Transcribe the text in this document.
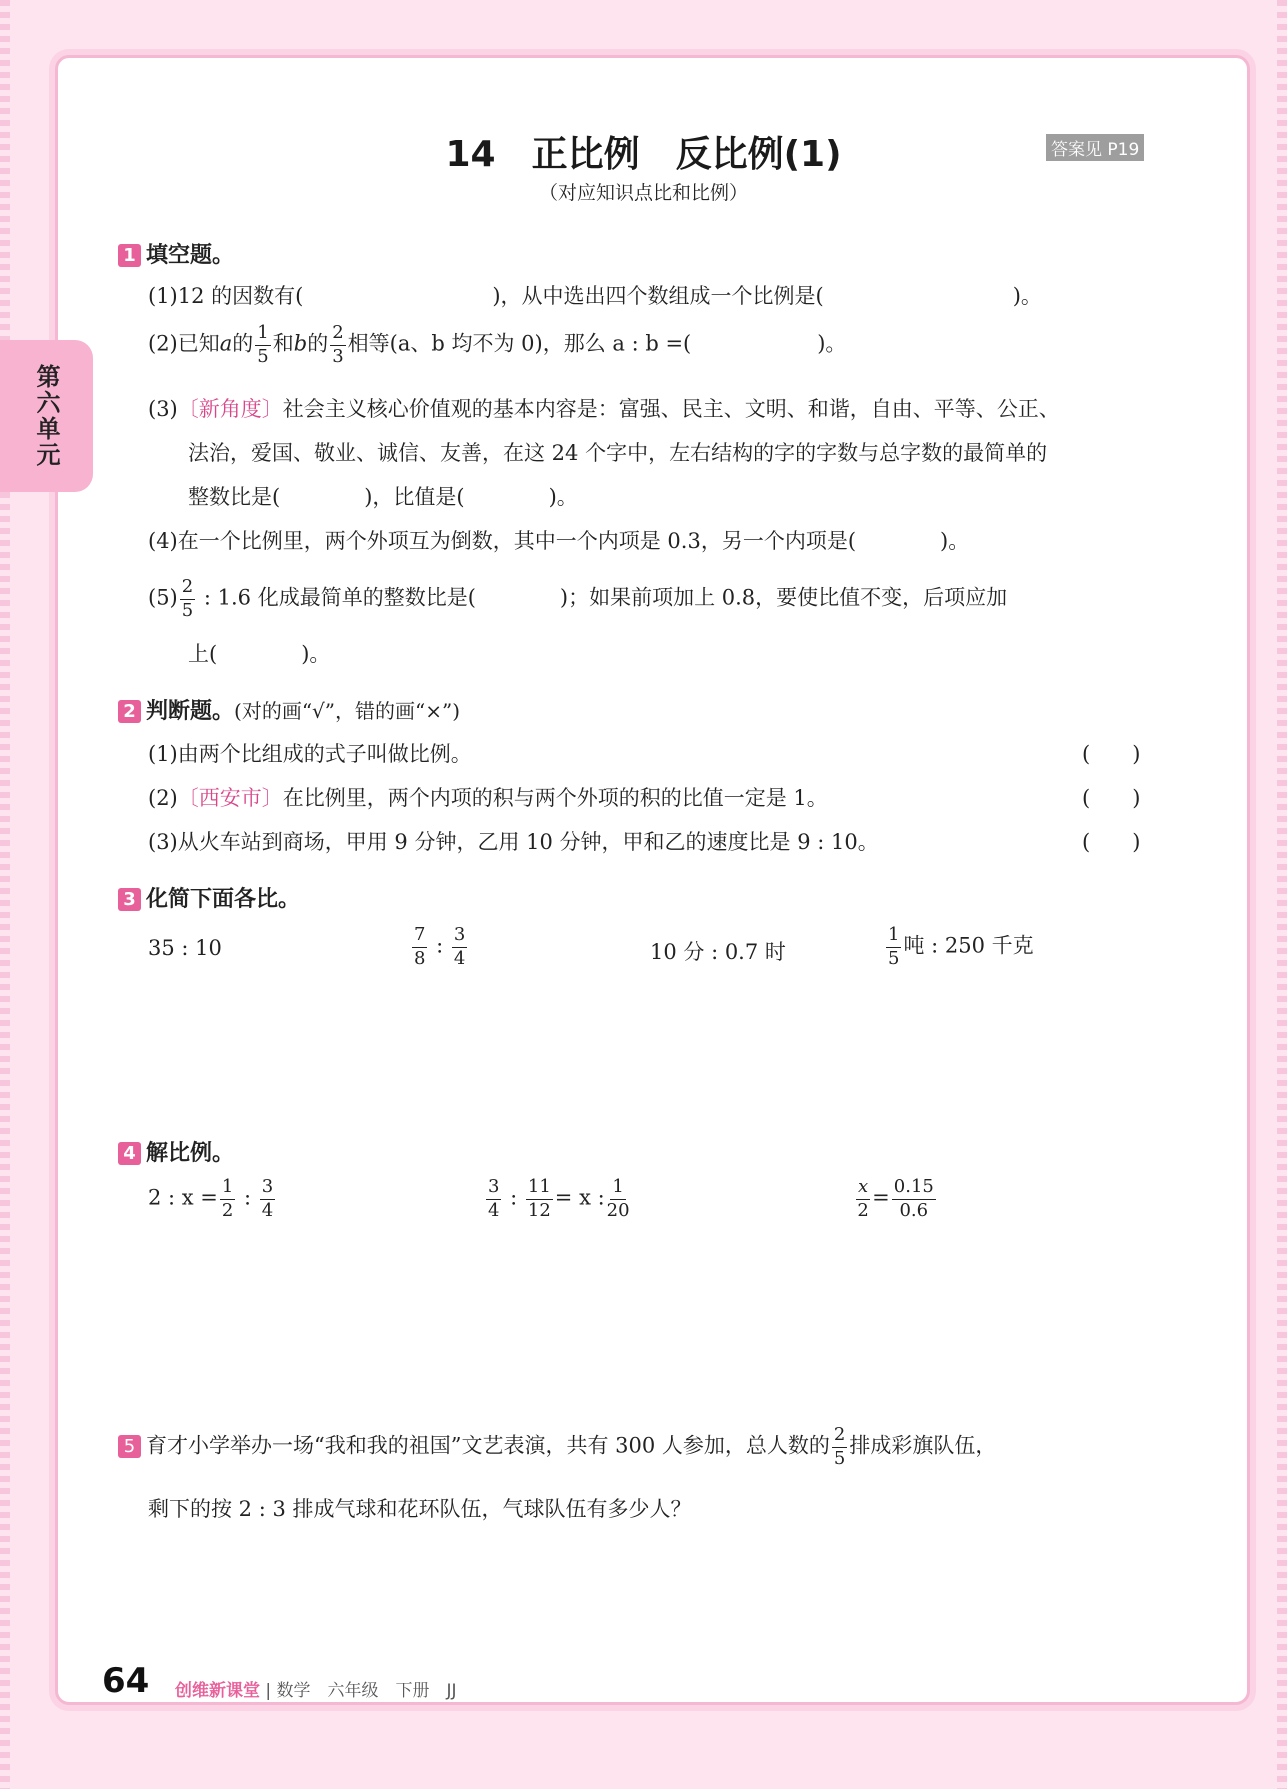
第六单元
14　正比例　反比例(1)	答案见 P19
（对应知识点比和比例）
1 填空题。
(1)12 的因数有(　　　　　　　　　)，从中选出四个数组成一个比例是(　　　　　　　　　)。
(2)已知a的 $\frac{1}{5}$ 和b的 $\frac{2}{3}$ 相等(a、b 均不为 0)，那么 a : b =(　　　　　　)。
(3)〔新角度〕社会主义核心价值观的基本内容是：富强、民主、文明、和谐，自由、平等、公正、
法治，爱国、敬业、诚信、友善，在这 24 个字中，左右结构的字的字数与总字数的最简单的
整数比是(　　　　)，比值是(　　　　)。
(4)在一个比例里，两个外项互为倒数，其中一个内项是 0.3，另一个内项是(　　　　)。
$(5) \frac{2}{5}$ : 1.6 化成最简单的整数比是(　　　　)；如果前项加上 0.8，要使比值不变，后项应加
上(　　　　)。
2 判断题。(对的画“√”，错的画“×”)
(1)由两个比组成的式子叫做比例。	(　　)
(2)〔西安市〕在比例里，两个内项的积与两个外项的积的比值一定是 1。	(　　)
(3)从火车站到商场，甲用 9 分钟，乙用 10 分钟，甲和乙的速度比是 9 : 10。	(　　)
3 化简下面各比。
35 : 10	$\frac{7}{8}$ : $\frac{3}{4}$	10 分 : 0.7 时	$\frac{1}{5}$ 吨 : 250 千克
4 解比例。
2 : $x = \frac{1}{2}$ : $\frac{3}{4}$	$\frac{3}{4}$ : $\frac{11}{12} = x$ : $\frac{1}{20}$	$\frac{x}{2} = \frac{0.15}{0.6}$
5 育才小学举办一场“我和我的祖国”文艺表演，共有 300 人参加，总人数的 $\frac{2}{5}$ 排成彩旗队伍，
剩下的按 2 : 3 排成气球和花环队伍，气球队伍有多少人？
64 创维新课堂 | 数学　六年级　下册　JJ
